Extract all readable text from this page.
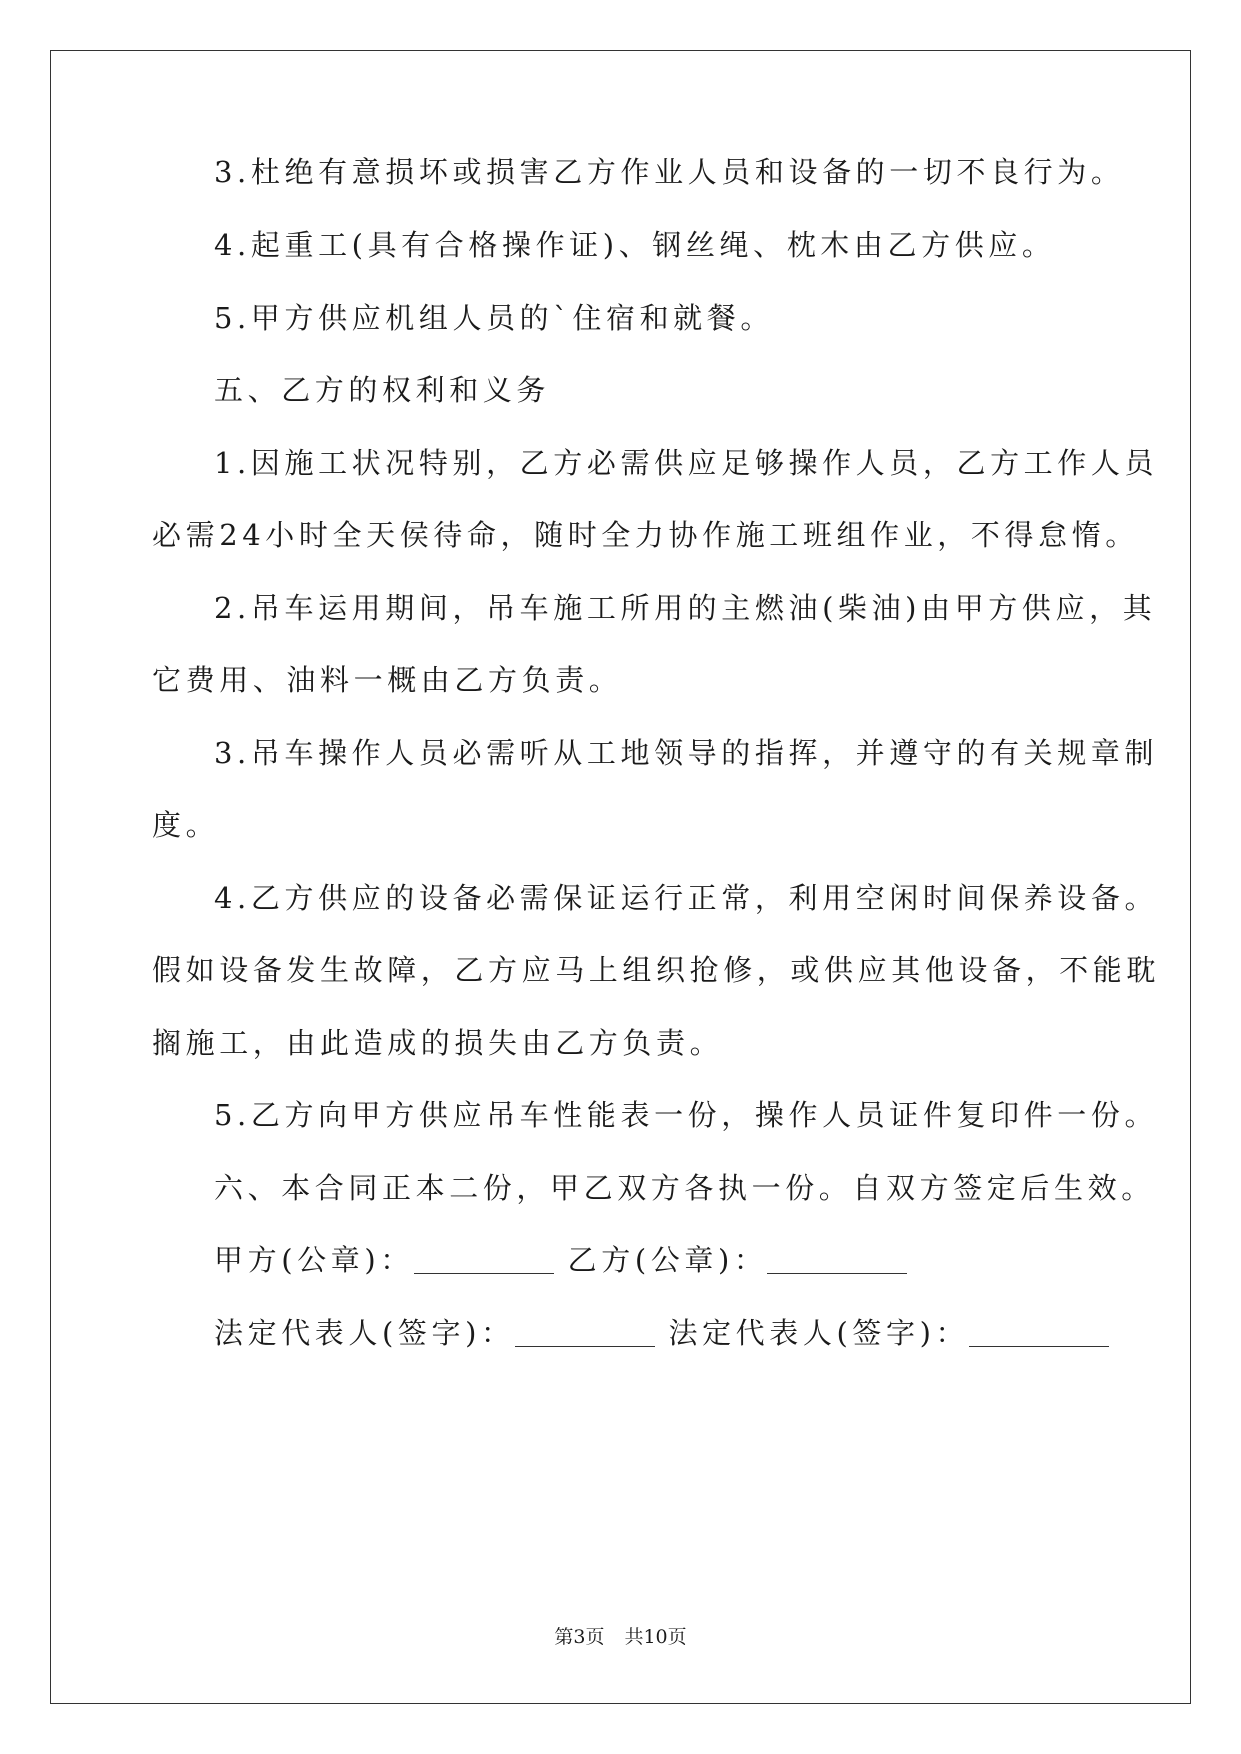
3.杜绝有意损坏或损害乙方作业人员和设备的一切不良行为。
4.起重工(具有合格操作证)、钢丝绳、枕木由乙方供应。
5.甲方供应机组人员的`住宿和就餐。
五、乙方的权利和义务
1.因施工状况特别，乙方必需供应足够操作人员，乙方工作人员
必需24小时全天侯待命，随时全力协作施工班组作业，不得怠惰。
2.吊车运用期间，吊车施工所用的主燃油(柴油)由甲方供应，其
它费用、油料一概由乙方负责。
3.吊车操作人员必需听从工地领导的指挥，并遵守的有关规章制
度。
4.乙方供应的设备必需保证运行正常，利用空闲时间保养设备。
假如设备发生故障，乙方应马上组织抢修，或供应其他设备，不能耽
搁施工，由此造成的损失由乙方负责。
5.乙方向甲方供应吊车性能表一份，操作人员证件复印件一份。
六、本合同正本二份，甲乙双方各执一份。自双方签定后生效。
甲方(公章)：	乙方(公章)：
法定代表人(签字)：	法定代表人(签字)：
第3页 共10页
